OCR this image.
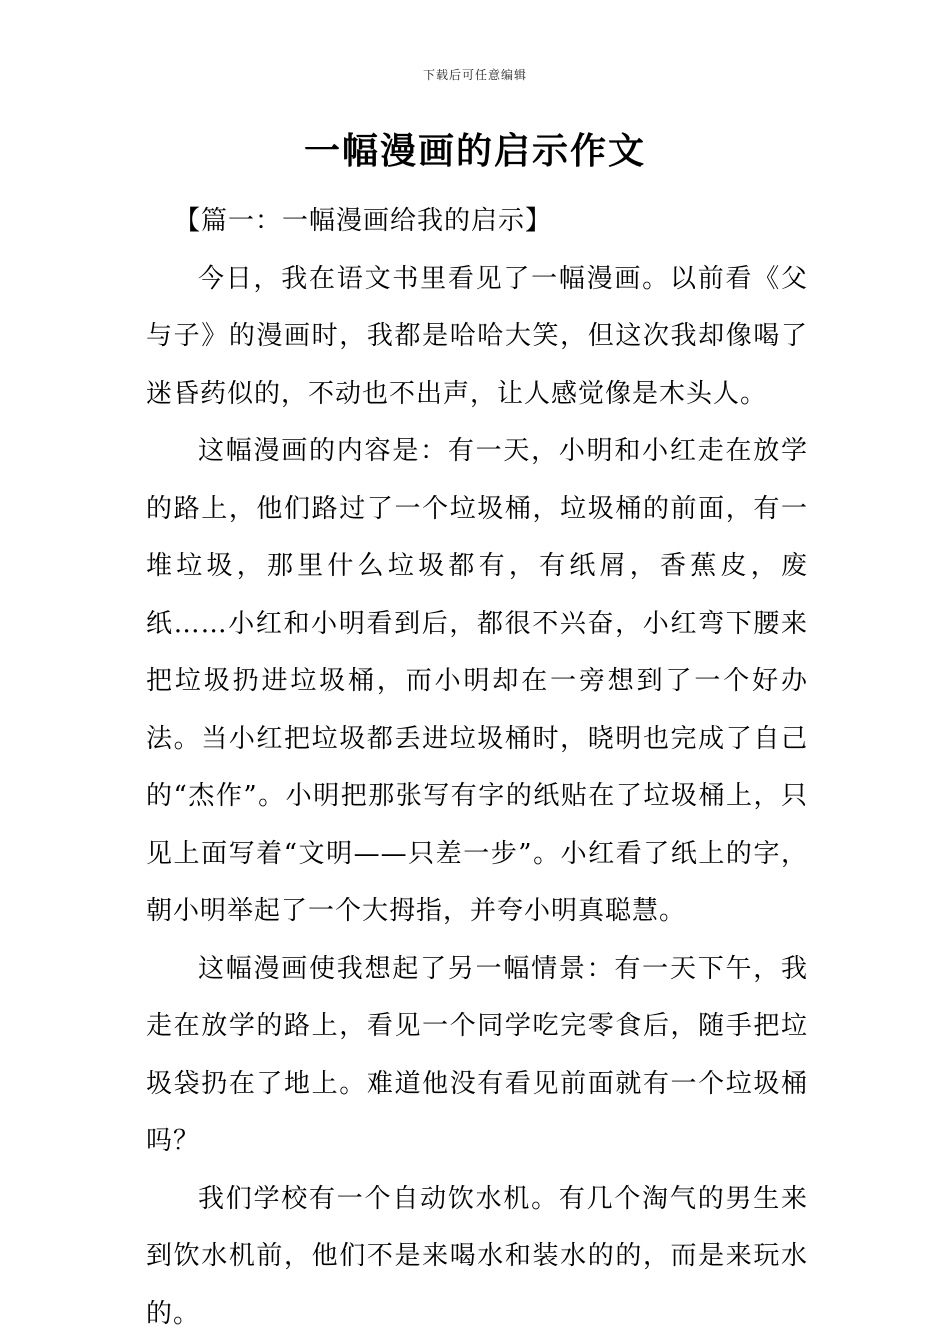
下载后可任意编辑
一幅漫画的启示作文

【篇一：一幅漫画给我的启示】

今日，我在语文书里看见了一幅漫画。以前看《父与子》的漫画时，我都是哈哈大笑，但这次我却像喝了迷昏药似的，不动也不出声，让人感觉像是木头人。

这幅漫画的内容是：有一天，小明和小红走在放学的路上，他们路过了一个垃圾桶，垃圾桶的前面，有一堆垃圾，那里什么垃圾都有，有纸屑，香蕉皮，废纸……小红和小明看到后，都很不兴奋，小红弯下腰来把垃圾扔进垃圾桶，而小明却在一旁想到了一个好办法。当小红把垃圾都丢进垃圾桶时，晓明也完成了自己的“杰作”。小明把那张写有字的纸贴在了垃圾桶上，只见上面写着“文明——只差一步”。小红看了纸上的字，朝小明举起了一个大拇指，并夸小明真聪慧。

这幅漫画使我想起了另一幅情景：有一天下午，我走在放学的路上，看见一个同学吃完零食后，随手把垃圾袋扔在了地上。难道他没有看见前面就有一个垃圾桶吗？

我们学校有一个自动饮水机。有几个淘气的男生来到饮水机前，他们不是来喝水和装水的的，而是来玩水的。
